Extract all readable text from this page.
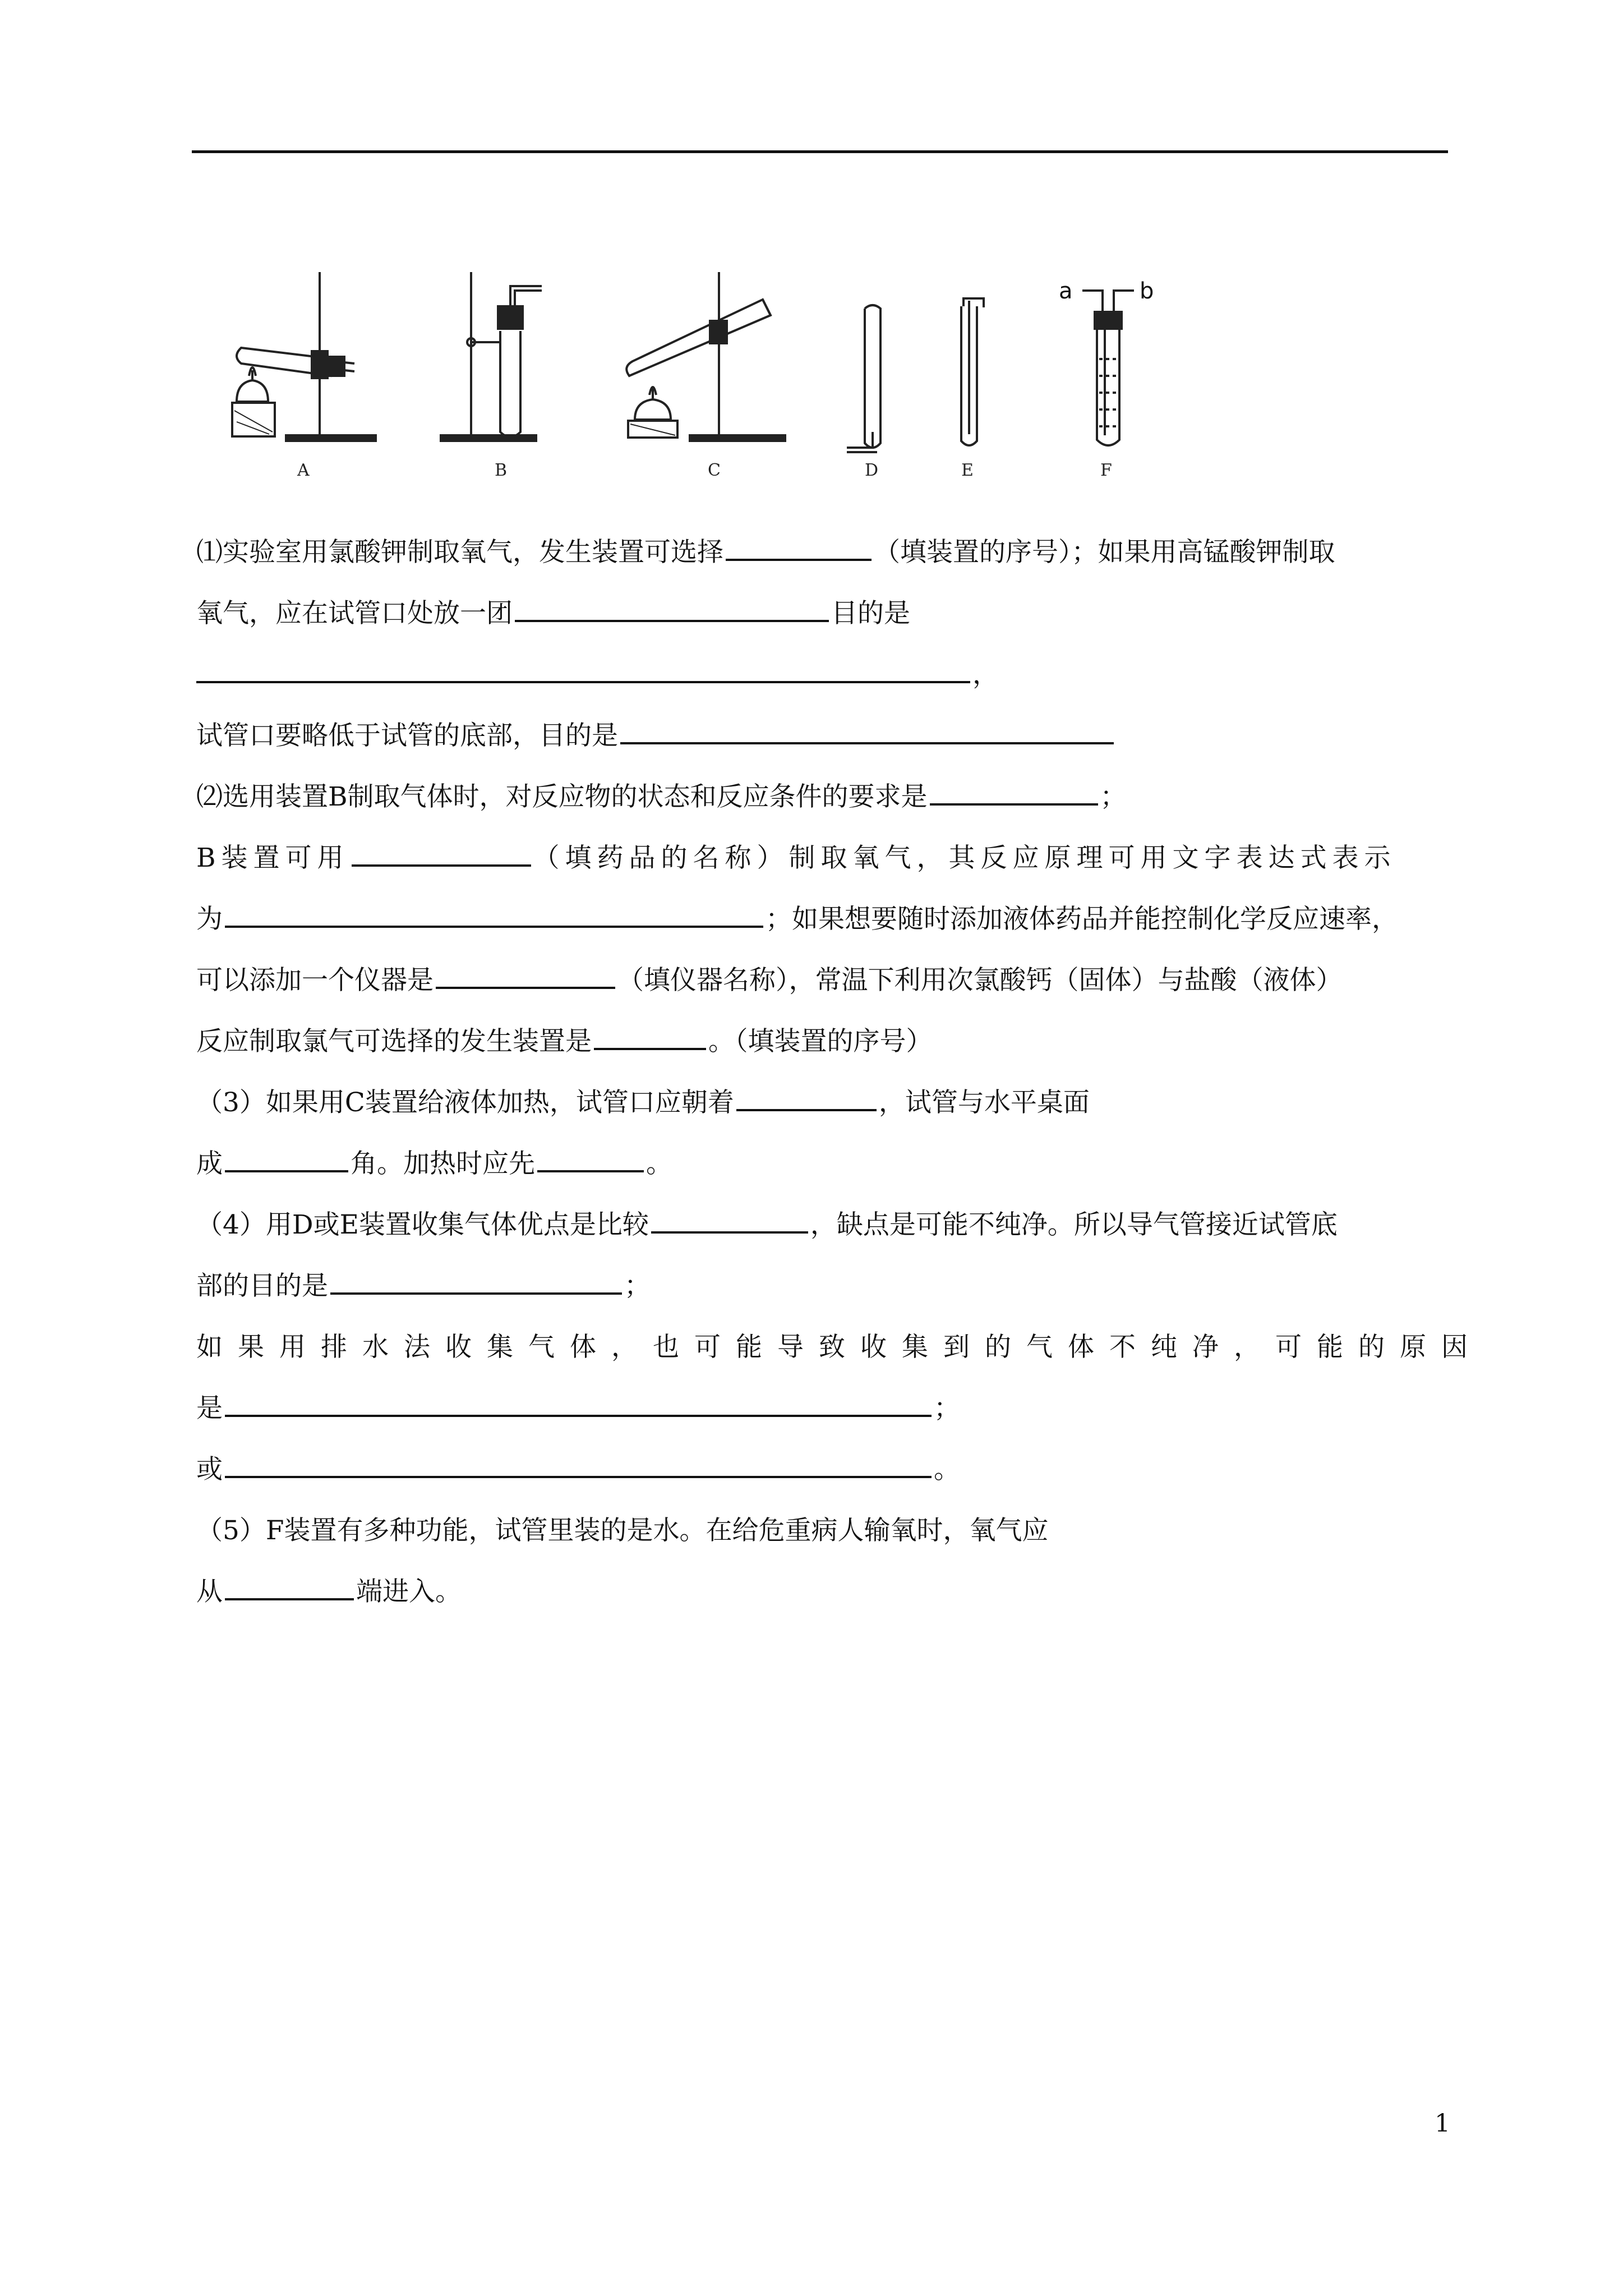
A	B	C	D	E	F
a	b
⑴实验室用氯酸钾制取氧气，发生装置可选择	（填装置的序号）；如果用高锰酸钾制取
氧气，应在试管口处放一团	目的是
，
试管口要略低于试管的底部，目的是
⑵选用装置B制取气体时，对反应物的状态和反应条件的要求是	；
B装置可用	（填药品的名称）制取氧气，其反应原理可用文字表达式表示
为	；如果想要随时添加液体药品并能控制化学反应速率，
可以添加一个仪器是	（填仪器名称），常温下利用次氯酸钙（固体）与盐酸（液体）
反应制取氯气可选择的发生装置是	。（填装置的序号）
（3）如果用C装置给液体加热，试管口应朝着	，试管与水平桌面
成	角。加热时应先	。
（4）用D或E装置收集气体优点是比较	，缺点是可能不纯净。所以导气管接近试管底
部的目的是	；
如果用排水法收集气体，也可能导致收集到的气体不纯净，可能的原因
是	；
或	。
（5）F装置有多种功能，试管里装的是水。在给危重病人输氧时，氧气应
从	端进入。
1
